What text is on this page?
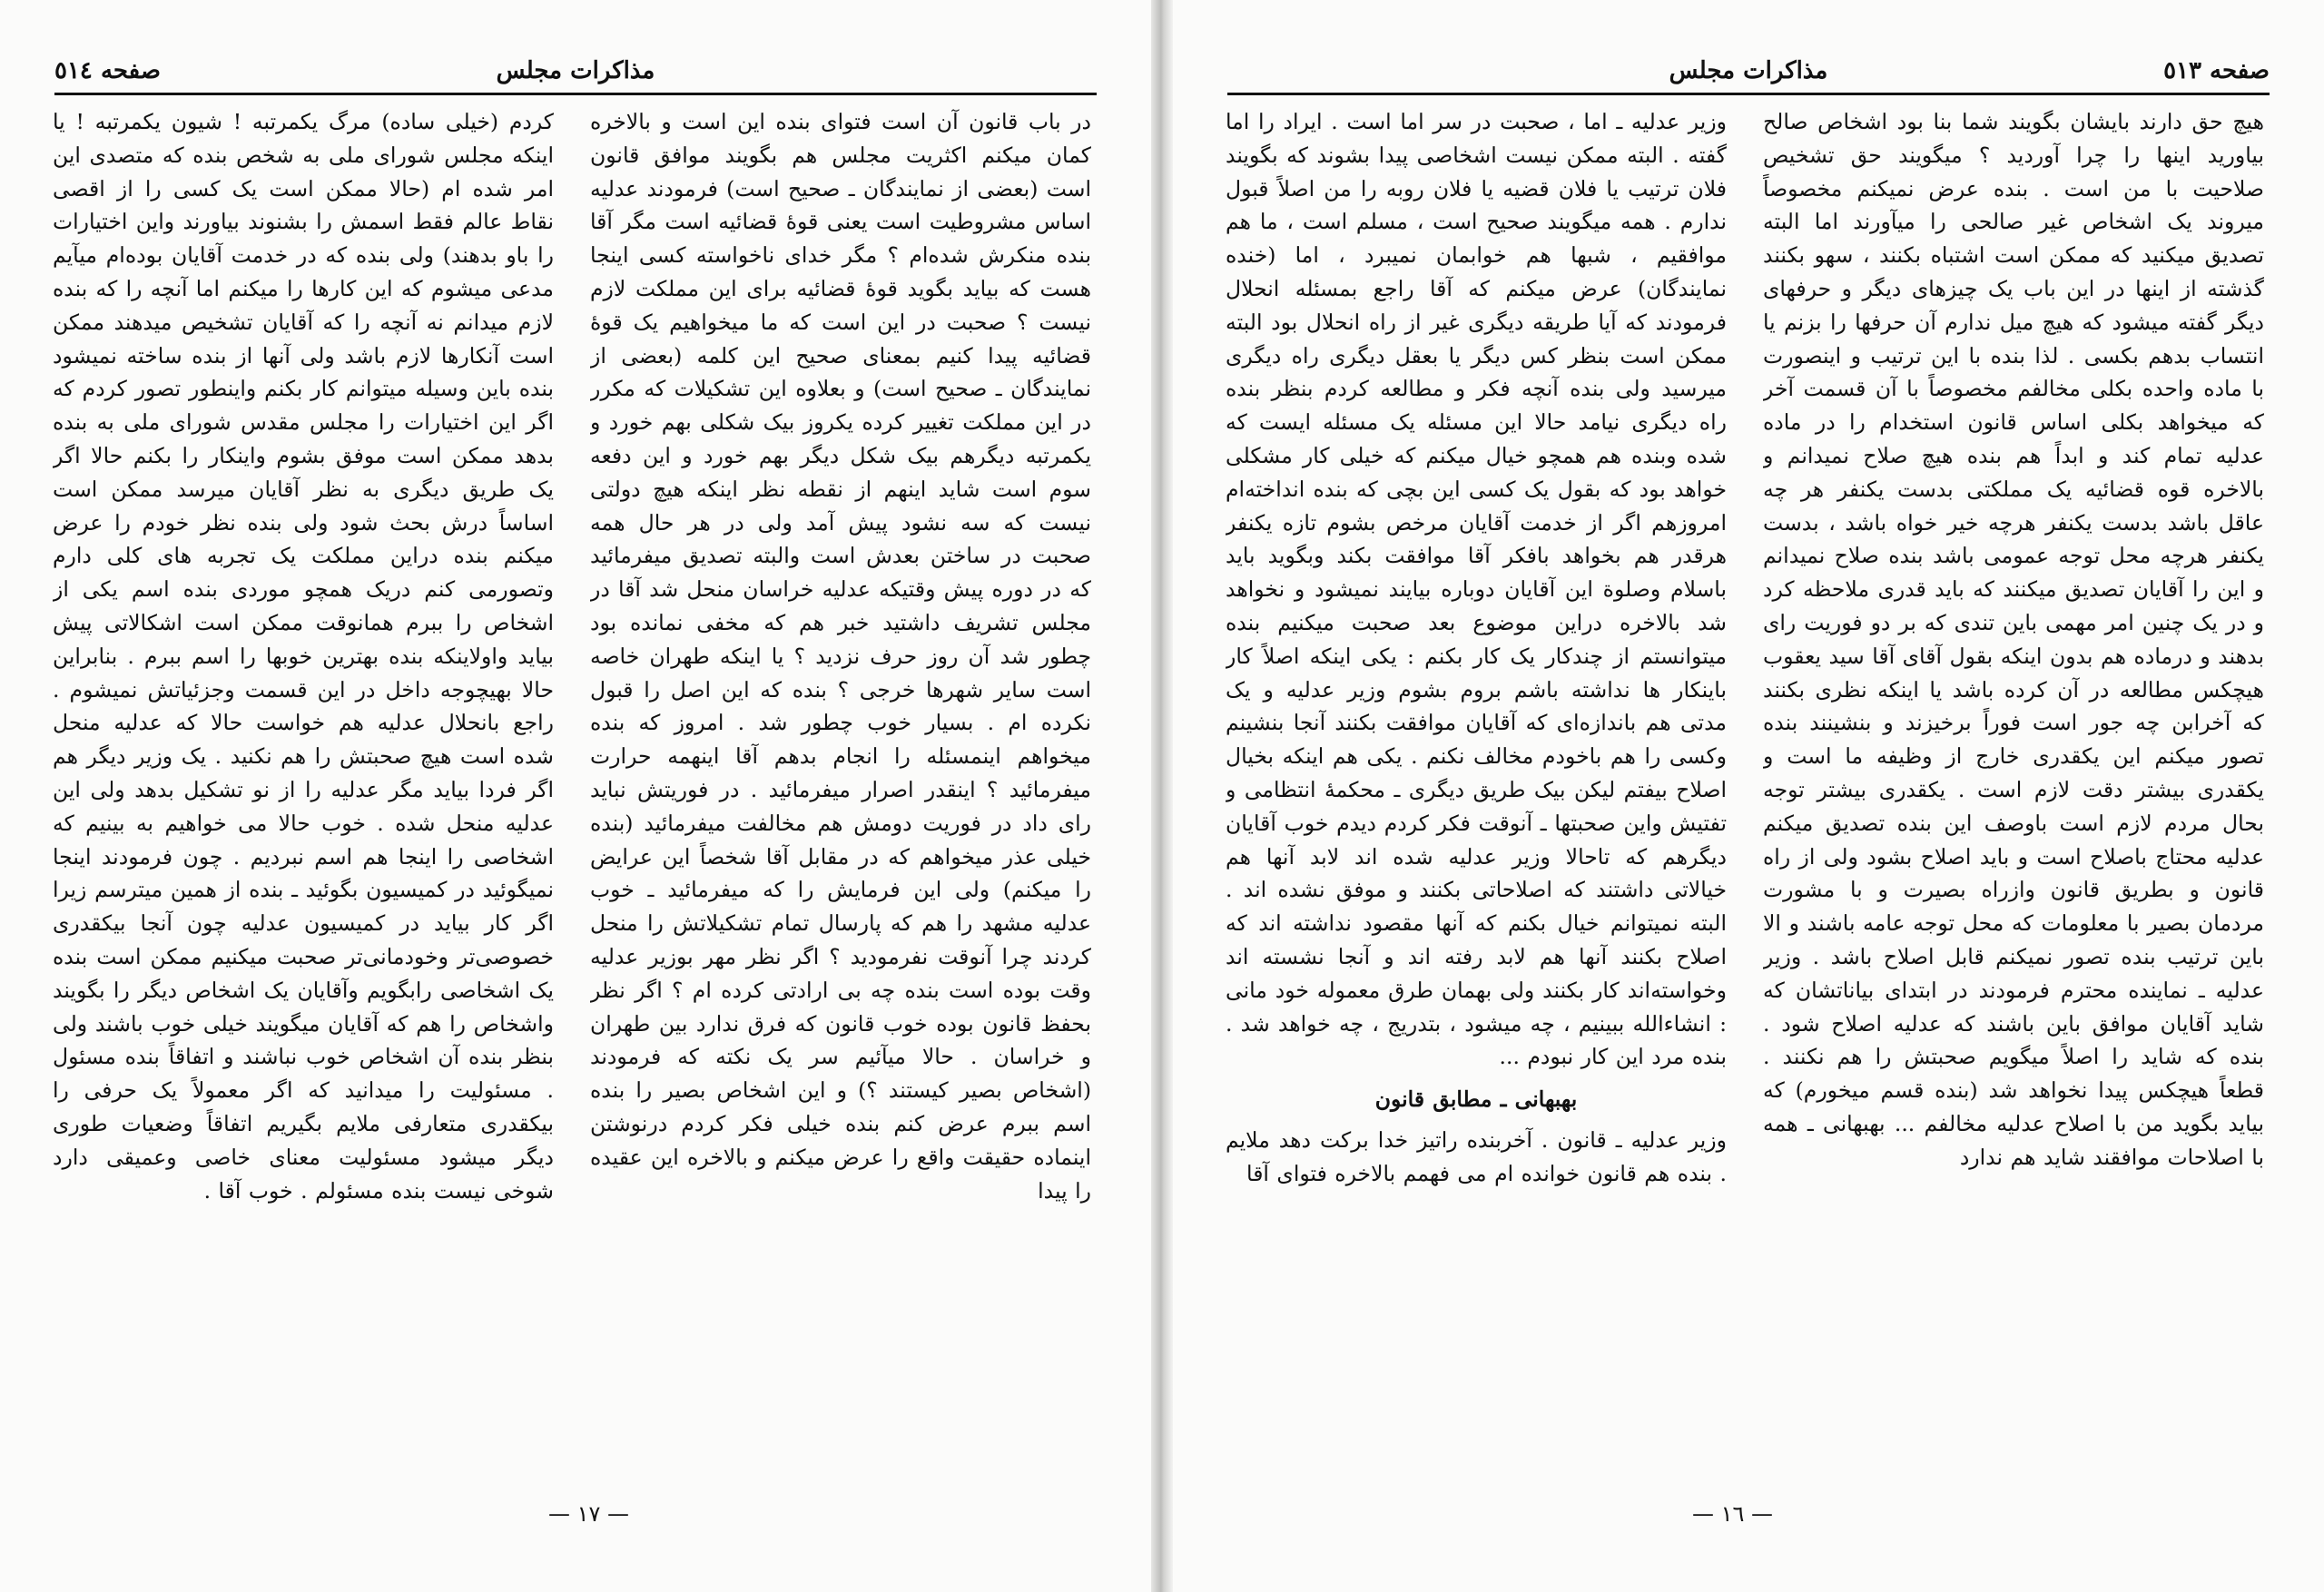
صفحه ٥١٤	مذاکرات مجلس

در باب قانون آن است فتوای بنده این است و بالاخره کمان میکنم اکثریت مجلس هم بگویند موافق قانون است (بعضی از نمایندگان ـ صحیح است) فرمودند عدلیه اساس مشروطیت است یعنی قوهٔ قضائیه است مگر آقا بنده منکرش شده‌ام ؟ مگر خدای ناخواسته کسی اینجا هست که بیاید بگوید قوهٔ قضائیه برای این مملکت لازم نیست ؟ صحبت در این است که ما میخواهیم یک قوهٔ قضائیه پیدا کنیم بمعنای صحیح این کلمه (بعضی از نمایندگان ـ صحیح است) و بعلاوه این تشکیلات که مکرر در این مملکت تغییر کرده یکروز بیک شکلی بهم خورد و یکمرتبه دیگرهم بیک شکل دیگر بهم خورد و این دفعه سوم است شاید اینهم از نقطه نظر اینکه هیچ دولتی نیست که سه نشود پیش آمد ولی در هر حال همه صحبت در ساختن بعدش است والبته تصدیق میفرمائید که در دوره پیش وقتیکه عدلیه خراسان منحل شد آقا در مجلس تشریف داشتید خبر هم که مخفی نمانده بود چطور شد آن روز حرف نزدید ؟ یا اینکه طهران خاصه است سایر شهرها خرجی ؟ بنده که این اصل را قبول نکرده ام . بسیار خوب چطور شد . امروز که بنده میخواهم اینمسئله را انجام بدهم آقا اینهمه حرارت میفرمائید ؟ اینقدر اصرار میفرمائید . در فوریتش نباید رای داد در فوریت دومش هم مخالفت میفرمائید (بنده خیلی عذر میخواهم که در مقابل آقا شخصاً این عرایض را میکنم) ولی این فرمایش را که میفرمائید ـ خوب عدلیه مشهد را هم که پارسال تمام تشکیلاتش را منحل کردند چرا آنوقت نفرمودید ؟ اگر نظر مهر بوزیر عدلیه وقت بوده است بنده چه بی ارادتی کرده ام ؟ اگر نظر بحفظ قانون بوده خوب قانون که فرق ندارد بین طهران و خراسان . حالا میآئیم سر یک نکته که فرمودند (اشخاص بصیر کیستند ؟) و این اشخاص بصیر را بنده اسم ببرم عرض کنم بنده خیلی فکر کردم درنوشتن اینماده حقیقت واقع را عرض میکنم و بالاخره این عقیده را پیدا

کردم (خیلی ساده) مرگ یکمرتبه ! شیون یکمرتبه ! یا اینکه مجلس شورای ملی به شخص بنده که متصدی این امر شده ام (حالا ممکن است یک کسی را از اقصی نقاط عالم فقط اسمش را بشنوند بیاورند واین اختیارات را باو بدهند) ولی بنده که در خدمت آقایان بوده‌ام میآیم مدعی میشوم که این کارها را میکنم اما آنچه را که بنده لازم میدانم نه آنچه را که آقایان تشخیص میدهند ممکن است آنکارها لازم باشد ولی آنها از بنده ساخته نمیشود بنده باین وسیله میتوانم کار بکنم واینطور تصور کردم که اگر این اختیارات را مجلس مقدس شورای ملی به بنده بدهد ممکن است موفق بشوم واینکار را بکنم حالا اگر یک طریق دیگری به نظر آقایان میرسد ممکن است اساساً درش بحث شود ولی بنده نظر خودم را عرض میکنم بنده دراین مملکت یک تجربه های کلی دارم وتصورمی کنم دریک همچو موردی بنده اسم یکی از اشخاص را ببرم همانوقت ممکن است اشکالاتی پیش بیاید واولاینکه بنده بهترین خوبها را اسم ببرم . بنابراین حالا بهیچوجه داخل در این قسمت وجزئیاتش نمیشوم . راجع بانحلال عدلیه هم خواست حالا که عدلیه منحل شده است هیچ صحبتش را هم نکنید . یک وزیر دیگر هم اگر فردا بیاید مگر عدلیه را از نو تشکیل بدهد ولی این عدلیه منحل شده . خوب حالا می خواهیم به بینیم که اشخاصی را اینجا هم اسم نبردیم . چون فرمودند اینجا نمیگوئید در کمیسیون بگوئید ـ بنده از همین میترسم زیرا اگر کار بیاید در کمیسیون عدلیه چون آنجا بیکقدری خصوصی‌تر وخودمانی‌تر صحبت میکنیم ممکن است بنده یک اشخاصی رابگویم وآقایان یک اشخاص دیگر را بگویند واشخاص را هم که آقایان میگویند خیلی خوب باشند ولی بنظر بنده آن اشخاص خوب نباشند و اتفاقاً بنده مسئول . مسئولیت را میدانید که اگر معمولاً یک حرفی را بیکقدری متعارفی ملایم بگیریم اتفاقاً وضعیات طوری دیگر میشود مسئولیت معنای خاصی وعمیقی دارد شوخی نیست بنده مسئولم . خوب آقا .

— ١٧ —
صفحه ٥١٣
مذاکرات مجلس

هیچ حق دارند بایشان بگویند شما بنا بود اشخاص صالح بیاورید اینها را چرا آوردید ؟ میگویند حق تشخیص صلاحیت با من است . بنده عرض نمیکنم مخصوصاً میروند یک اشخاص غیر صالحی را میآورند اما البته تصدیق میکنید که ممکن است اشتباه بکنند ، سهو بکنند گذشته از اینها در این باب یک چیزهای دیگر و حرفهای دیگر گفته میشود که هیچ میل ندارم آن حرفها را بزنم یا انتساب بدهم بکسی . لذا بنده با این ترتیب و اینصورت با ماده واحده بکلی مخالفم مخصوصاً با آن قسمت آخر که میخواهد بکلی اساس قانون استخدام را در ماده عدلیه تمام کند و ابداً هم بنده هیچ صلاح نمیدانم و بالاخره قوه قضائیه یک مملکتی بدست یکنفر هر چه عاقل باشد بدست یکنفر هرچه خیر خواه باشد ، بدست یکنفر هرچه محل توجه عمومی باشد بنده صلاح نمیدانم و این را آقایان تصدیق میکنند که باید قدری ملاحظه کرد و در یک چنین امر مهمی باین تندی که بر دو فوریت رای بدهند و درماده هم بدون اینکه بقول آقای آقا سید یعقوب هیچکس مطالعه در آن کرده باشد یا اینکه نظری بکنند که آخرابن چه جور است فوراً برخیزند و بنشینند بنده تصور میکنم این یکقدری خارج از وظیفه ما است و یکقدری بیشتر دقت لازم است . یکقدری بیشتر توجه بحال مردم لازم است باوصف این بنده تصدیق میکنم عدلیه محتاج باصلاح است و باید اصلاح بشود ولی از راه قانون و بطریق قانون وازراه بصیرت و با مشورت مردمان بصیر با معلومات که محل توجه عامه باشند و الا باین ترتیب بنده تصور نمیکنم قابل اصلاح باشد . وزیر عدلیه ـ نماینده محترم فرمودند در ابتدای بیاناتشان که شاید آقایان موافق باین باشند که عدلیه اصلاح شود . بنده که شاید را اصلاً میگویم صحبتش را هم نکنند . قطعاً هیچکس پیدا نخواهد شد (بنده قسم میخورم) که بیاید بگوید من با اصلاح عدلیه مخالفم ... بهبهانی ـ همه با اصلاحات موافقند شاید هم ندارد

وزیر عدلیه ـ اما ، صحبت در سر اما است . ایراد را اما گفته . البته ممکن نیست اشخاصی پیدا بشوند که بگویند فلان ترتیب یا فلان قضیه یا فلان روبه را من اصلاً قبول ندارم . همه میگویند صحیح است ، مسلم است ، ما هم موافقیم ، شبها هم خوابمان نمیبرد ، اما (خنده نمایندگان) عرض میکنم که آقا راجع بمسئله انحلال فرمودند که آیا طریقه دیگری غیر از راه انحلال بود البته ممکن است بنظر کس دیگر یا بعقل دیگری راه دیگری میرسید ولی بنده آنچه فکر و مطالعه کردم بنظر بنده راه دیگری نیامد حالا این مسئله یک مسئله ایست که شده وبنده هم همچو خیال میکنم که خیلی کار مشکلی خواهد بود که بقول یک کسی این بچی که بنده انداخته‌ام امروزهم اگر از خدمت آقایان مرخص بشوم تازه یکنفر هرقدر هم بخواهد بافکر آقا موافقت بکند وبگوید باید باسلام وصلوة این آقایان دوباره بیایند نمیشود و نخواهد شد بالاخره دراین موضوع بعد صحبت میکنیم بنده میتوانستم از چندکار یک کار بکنم : یکی اینکه اصلاً کار باینکار ها نداشته باشم بروم بشوم وزیر عدلیه و یک مدتی هم باندازه‌ای که آقایان موافقت بکنند آنجا بنشینم وکسی را هم باخودم مخالف نکنم . یکی هم اینکه بخیال اصلاح بیفتم لیکن بیک طریق دیگری ـ محکمهٔ انتظامی و تفتیش واین صحبتها ـ آنوقت فکر کردم دیدم خوب آقایان دیگرهم که تاحالا وزیر عدلیه شده اند لابد آنها هم خیالاتی داشتند که اصلاحاتی بکنند و موفق نشده اند . البته نمیتوانم خیال بکنم که آنها مقصود نداشته اند که اصلاح بکنند آنها هم لابد رفته اند و آنجا نشسته اند وخواسته‌اند کار بکنند ولی بهمان طرق معموله خود مانی : انشاءالله ببینیم ، چه میشود ، بتدریج ، چه خواهد شد . بنده مرد این کار نبودم ...

بهبهانی ـ مطابق قانون

وزیر عدلیه ـ قانون . آخربنده راتیز خدا برکت دهد ملایم . بنده هم قانون خوانده ام می فهمم بالاخره فتوای آقا

— ١٦ —
